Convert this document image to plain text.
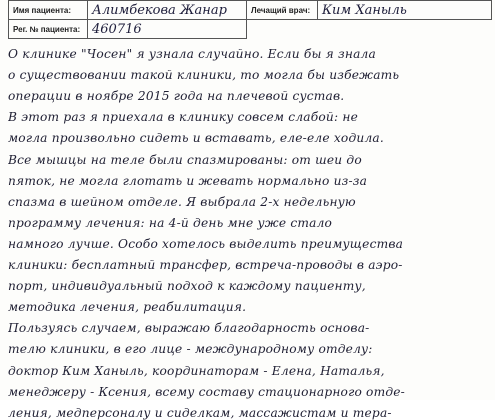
Имя пациента:	Алимбекова Жанар	Лечащий врач:	Ким Ханыль
Рег. № пациента:	460716		
О клинике "Чосен" я узнала случайно. Если бы я знала
о существовании такой клиники, то могла бы избежать
операции в ноябре 2015 года на плечевой сустав.
В этот раз я приехала в клинику совсем слабой: не
могла произвольно сидеть и вставать, еле-еле ходила.
Все мышцы на теле были спазмированы: от шеи до
пяток, не могла глотать и жевать нормально из-за
спазма в шейном отделе. Я выбрала 2-х недельную
программу лечения: на 4-й день мне уже стало
намного лучше. Особо хотелось выделить преимущества
клиники: бесплатный трансфер, встреча-проводы в аэро-
порт, индивидуальный подход к каждому пациенту,
методика лечения, реабилитация.
Пользуясь случаем, выражаю благодарность основа-
телю клиники, в его лице - международному отделу:
доктор Ким Ханыль, координаторам - Елена, Наталья,
менеджеру - Ксения, всему составу стационарного отде-
ления, медперсоналу и сиделкам, массажистам и тера-
